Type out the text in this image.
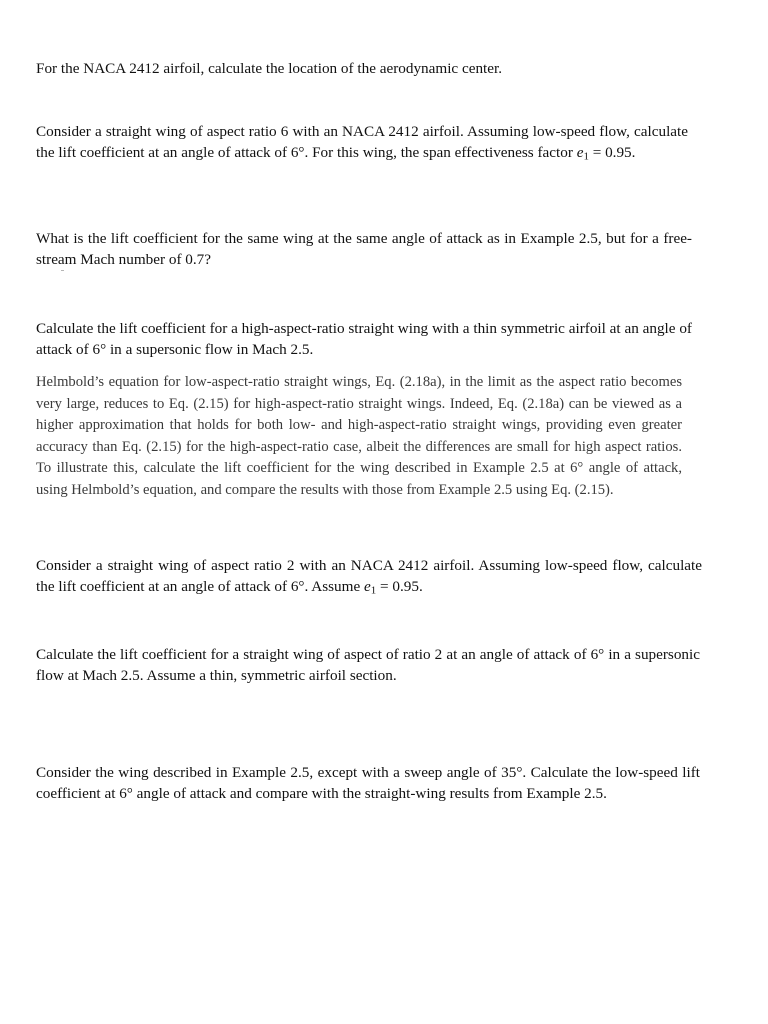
For the NACA 2412 airfoil, calculate the location of the aerodynamic center.

Consider a straight wing of aspect ratio 6 with an NACA 2412 airfoil. Assuming low-speed flow, calculate the lift coefficient at an angle of attack of 6°. For this wing, the span effectiveness factor $e_1 = 0.95$.

What is the lift coefficient for the same wing at the same angle of attack as in Example 2.5, but for a free-stream Mach number of 0.7?

Calculate the lift coefficient for a high-aspect-ratio straight wing with a thin symmetric airfoil at an angle of attack of 6° in a supersonic flow in Mach 2.5.

Helmbold’s equation for low-aspect-ratio straight wings, Eq. (2.18a), in the limit as the aspect ratio becomes very large, reduces to Eq. (2.15) for high-aspect-ratio straight wings. Indeed, Eq. (2.18a) can be viewed as a higher approximation that holds for both low- and high-aspect-ratio straight wings, providing even greater accuracy than Eq. (2.15) for the high-aspect-ratio case, albeit the differences are small for high aspect ratios. To illustrate this, calculate the lift coefficient for the wing described in Example 2.5 at 6° angle of attack, using Helmbold’s equation, and compare the results with those from Example 2.5 using Eq. (2.15).

Consider a straight wing of aspect ratio 2 with an NACA 2412 airfoil. Assuming low-speed flow, calculate the lift coefficient at an angle of attack of 6°. Assume $e_1 = 0.95$.

Calculate the lift coefficient for a straight wing of aspect of ratio 2 at an angle of attack of 6° in a supersonic flow at Mach 2.5. Assume a thin, symmetric airfoil section.

Consider the wing described in Example 2.5, except with a sweep angle of 35°. Calculate the low-speed lift coefficient at 6° angle of attack and compare with the straight-wing results from Example 2.5.
